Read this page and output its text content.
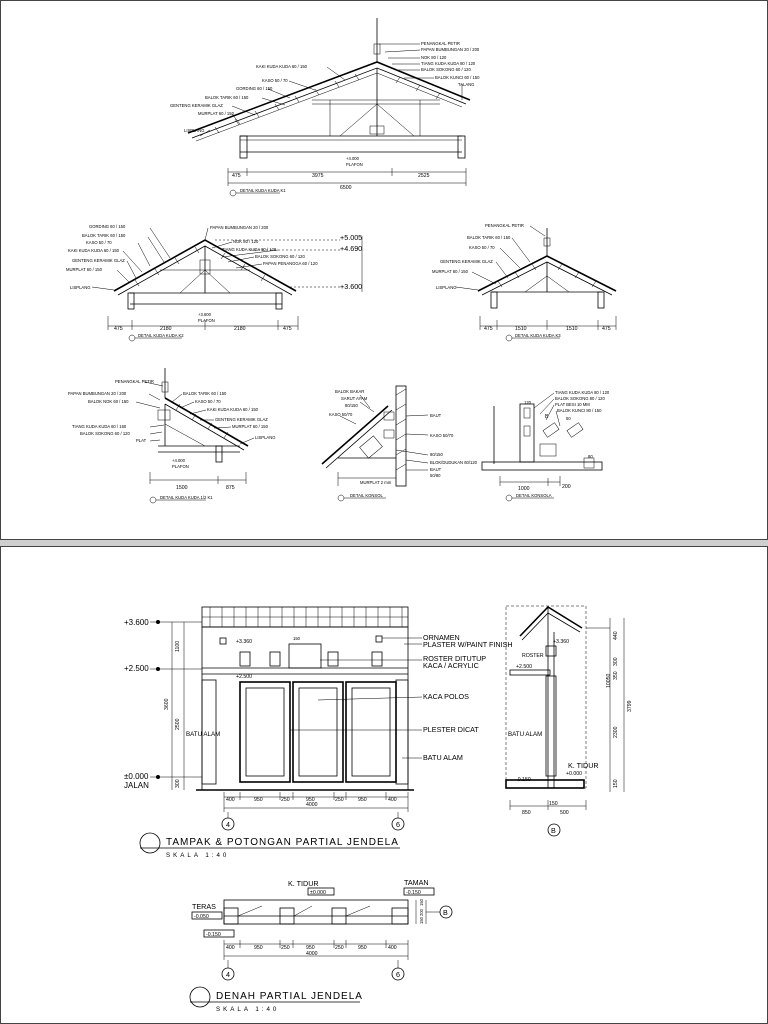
+4.000
PLAFON
475	3975	2525
6500
DETAIL KUDA KUDA K1
PENANGKAL PETIR
PAPAN BUMBUNGAN 20 / 200
NOK 80 / 120
TIANG KUDA KUDA 80 / 120
BALOK SOKONG 60 / 120
BALOK KUNCI 60 / 150
TALANG
KAKI KUDA KUDA 60 / 150
KASO 50 / 70
GORDING 60 / 150
BALOK TARIK 60 / 150
GENTENG KERAMIK GLAZ
MURPLAT 60 / 150
LISPLANG
+3.600
PLAFON
+5.005
+4.690
+3.600
475	2180	2180	475
DETAIL KUDA KUDA K2
GORDING 60 / 150
BALOK TARIK 60 / 150
KASO 50 / 70
KAKI KUDA KUDA 60 / 150
GENTENG KERAMIK GLAZ
MURPLAT 60 / 150
LISPLANG
PAPAN BUMBUNGAN 20 / 200
NOK 80 / 120
TIANG KUDA KUDA 80 / 120
BALOK SOKONG 60 / 120
PAPAN PENANGGA 60 / 120
475	1510	1510	475
DETAIL KUDA KUDA K3
PENANGKAL PETIR
BALOK TARIK 60 / 150
KASO 50 / 70
GENTENG KERAMIK GLAZ
MURPLAT 60 / 150
LISPLANG
+4.000
PLAFON
1500	875
DETAIL KUDA KUDA 1/2 K1
PENANGKAL PETIR
PAPAN BUMBUNGAN 20 / 200
BALOK NOK 60 / 150
TIANG KUDA KUDA 60 / 160
BALOK SOKONG 60 / 120
PLAT
BALOK TARIK 60 / 150
KASO 50 / 70
KAKI KUDA KUDA 60 / 150
GENTENG KERAMIK GLAZ
MURPLAT 60 / 150
LISPLANG
DETAIL KONSOL
BALOK BAKAR
SARUT AYAM
80/150
KASO 50/70	BAUT
KASO 50/70
80/150
BLOK/DUDUKAN 60/120
BAUT
50/80
MURPLAT 2 mm
1000	200
DETAIL KONSOLA
TIANG KUDA KUDA 80 / 120
BALOK SOKONG 80 / 120
PLAT BESI 10 MM
BALOK KUNCI 80 / 150
120
B	50
80
+3.600
+2.500
±0.000
JALAN
1100
2500
3600
300
+3.360
+2.500
150
BATU ALAM
ORNAMEN
PLASTER W/PAINT FINISH
ROSTER DITUTUP
KACA / ACRYLIC
KACA POLOS
PLESTER DICAT
BATU ALAM
400	950	250	950	250	950	400
4000
4	6
+3.360
ROSTER
+2.500
BATU ALAM
K. TIDUR
+0.000
-0.150
440
300
350
10050
2300
3799
150
850	500
150
B
TAMPAK & POTONGAN PARTIAL JENDELA
SKALA 1:40
K. TIDUR	TAMAN
TERAS
±0.000	-0.150
-0.050
-0.150
150
200
150
B
400	950	250	950	250	950	400
4000
4	6
DENAH PARTIAL JENDELA
SKALA 1:40
